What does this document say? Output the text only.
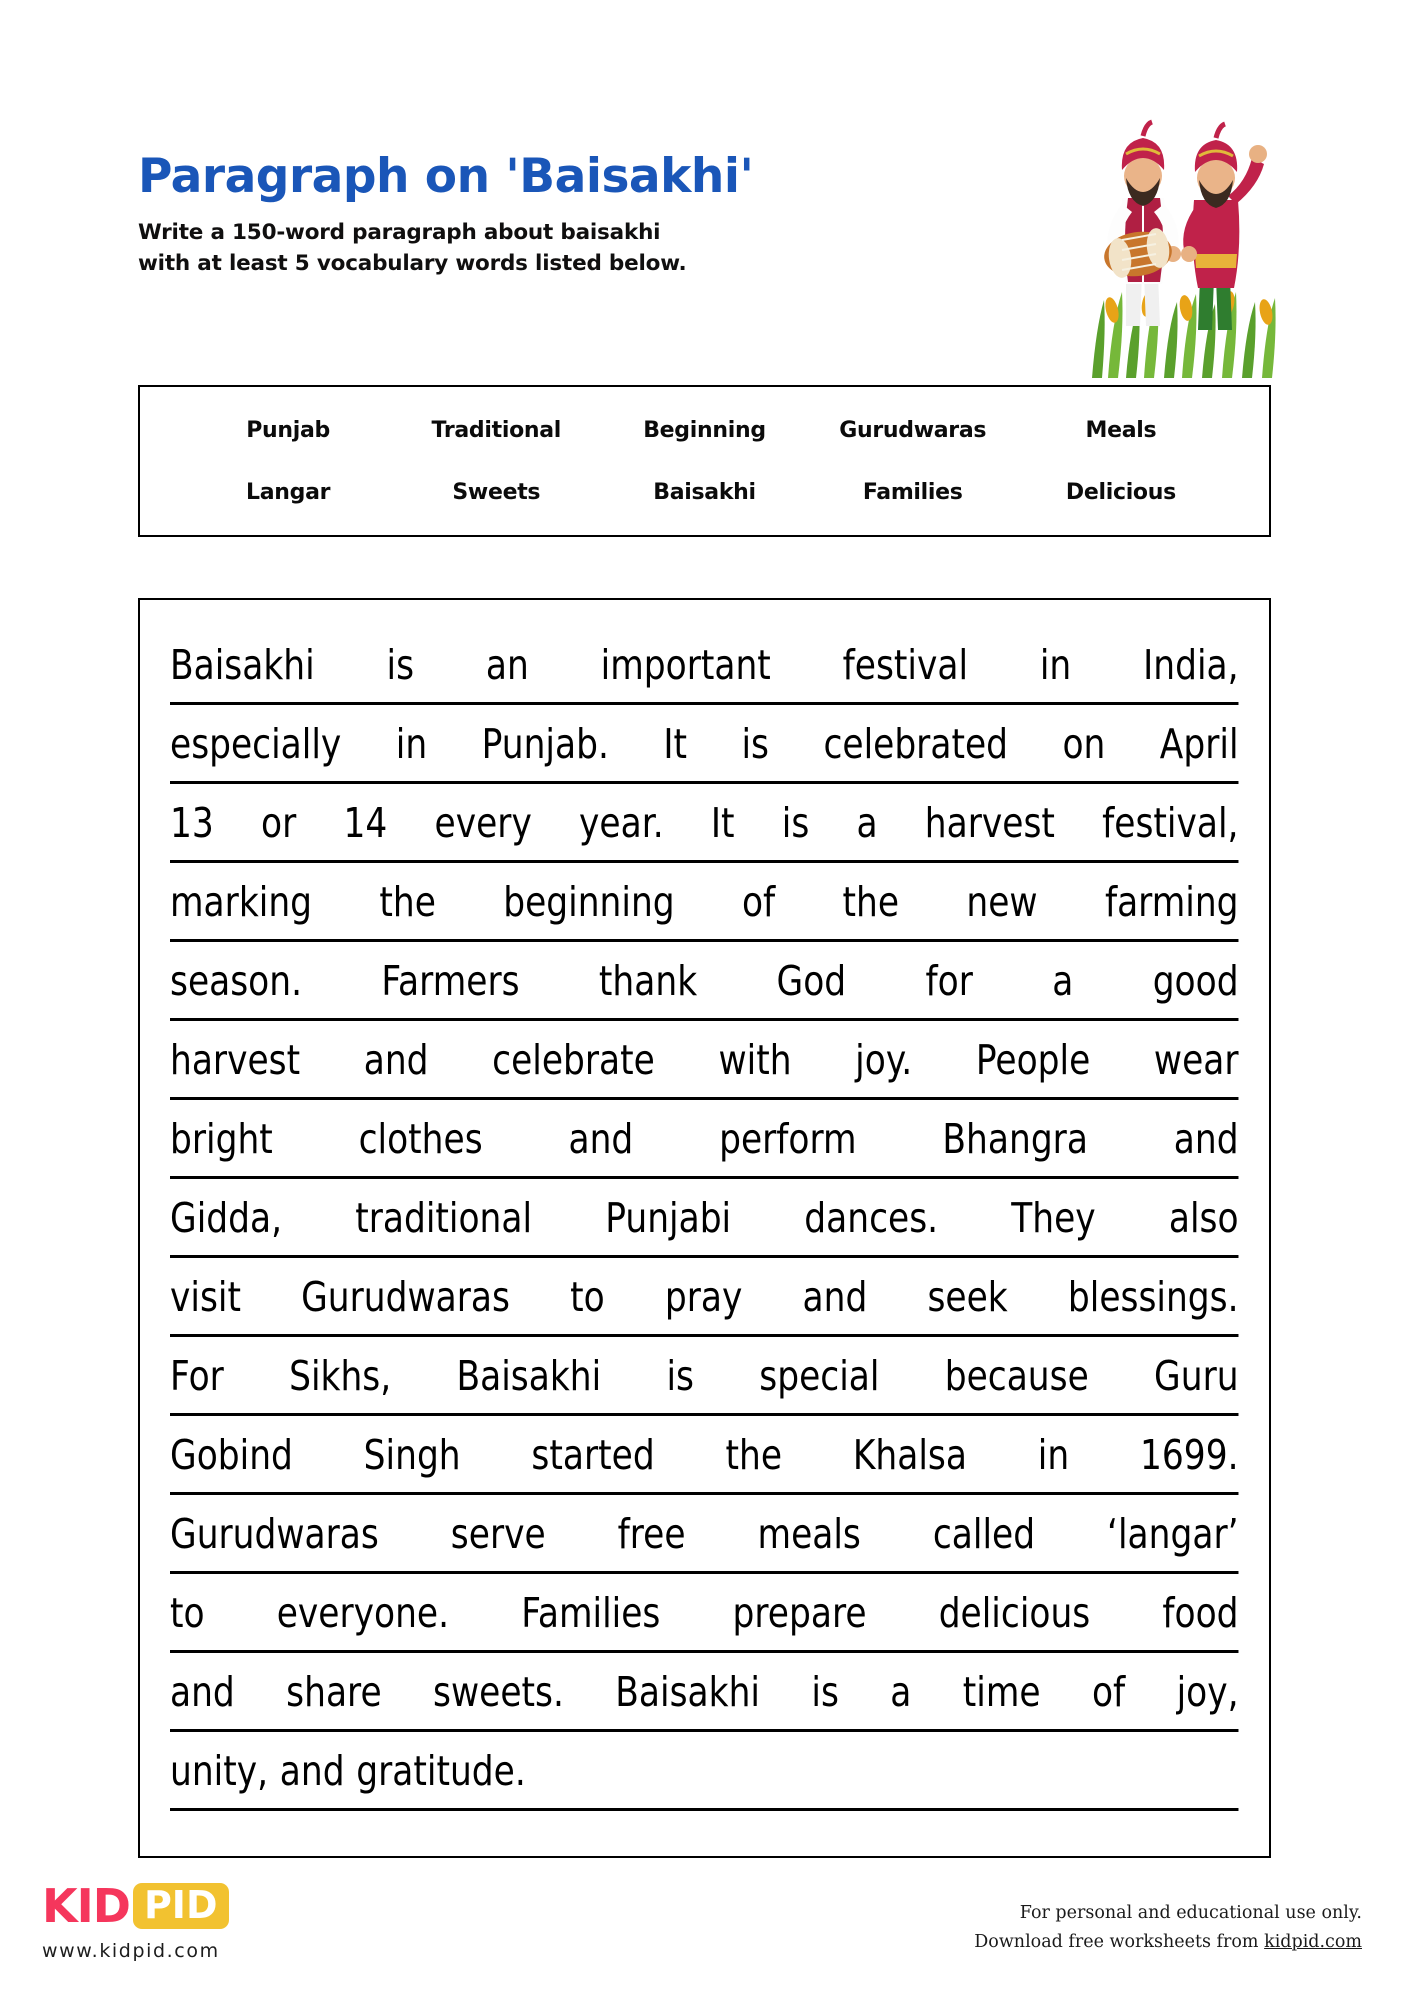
Paragraph on 'Baisakhi'
Write a 150-word paragraph about baisakhi
with at least 5 vocabulary words listed below.
Punjab	Traditional	Beginning	Gurudwaras	Meals
Langar	Sweets	Baisakhi	Families	Delicious
Baisakhi is an important festival in India,
especially in Punjab. It is celebrated on April
13 or 14 every year. It is a harvest festival,
marking the beginning of the new farming
season. Farmers thank God for a good
harvest and celebrate with joy. People wear
bright clothes and perform Bhangra and
Gidda, traditional Punjabi dances. They also
visit Gurudwaras to pray and seek blessings.
For Sikhs, Baisakhi is special because Guru
Gobind Singh started the Khalsa in 1699.
Gurudwaras serve free meals called ‘langar’
to everyone. Families prepare delicious food
and share sweets. Baisakhi is a time of joy,
unity, and gratitude.
KID PID
www.kidpid.com
For personal and educational use only.
Download free worksheets from kidpid.com
